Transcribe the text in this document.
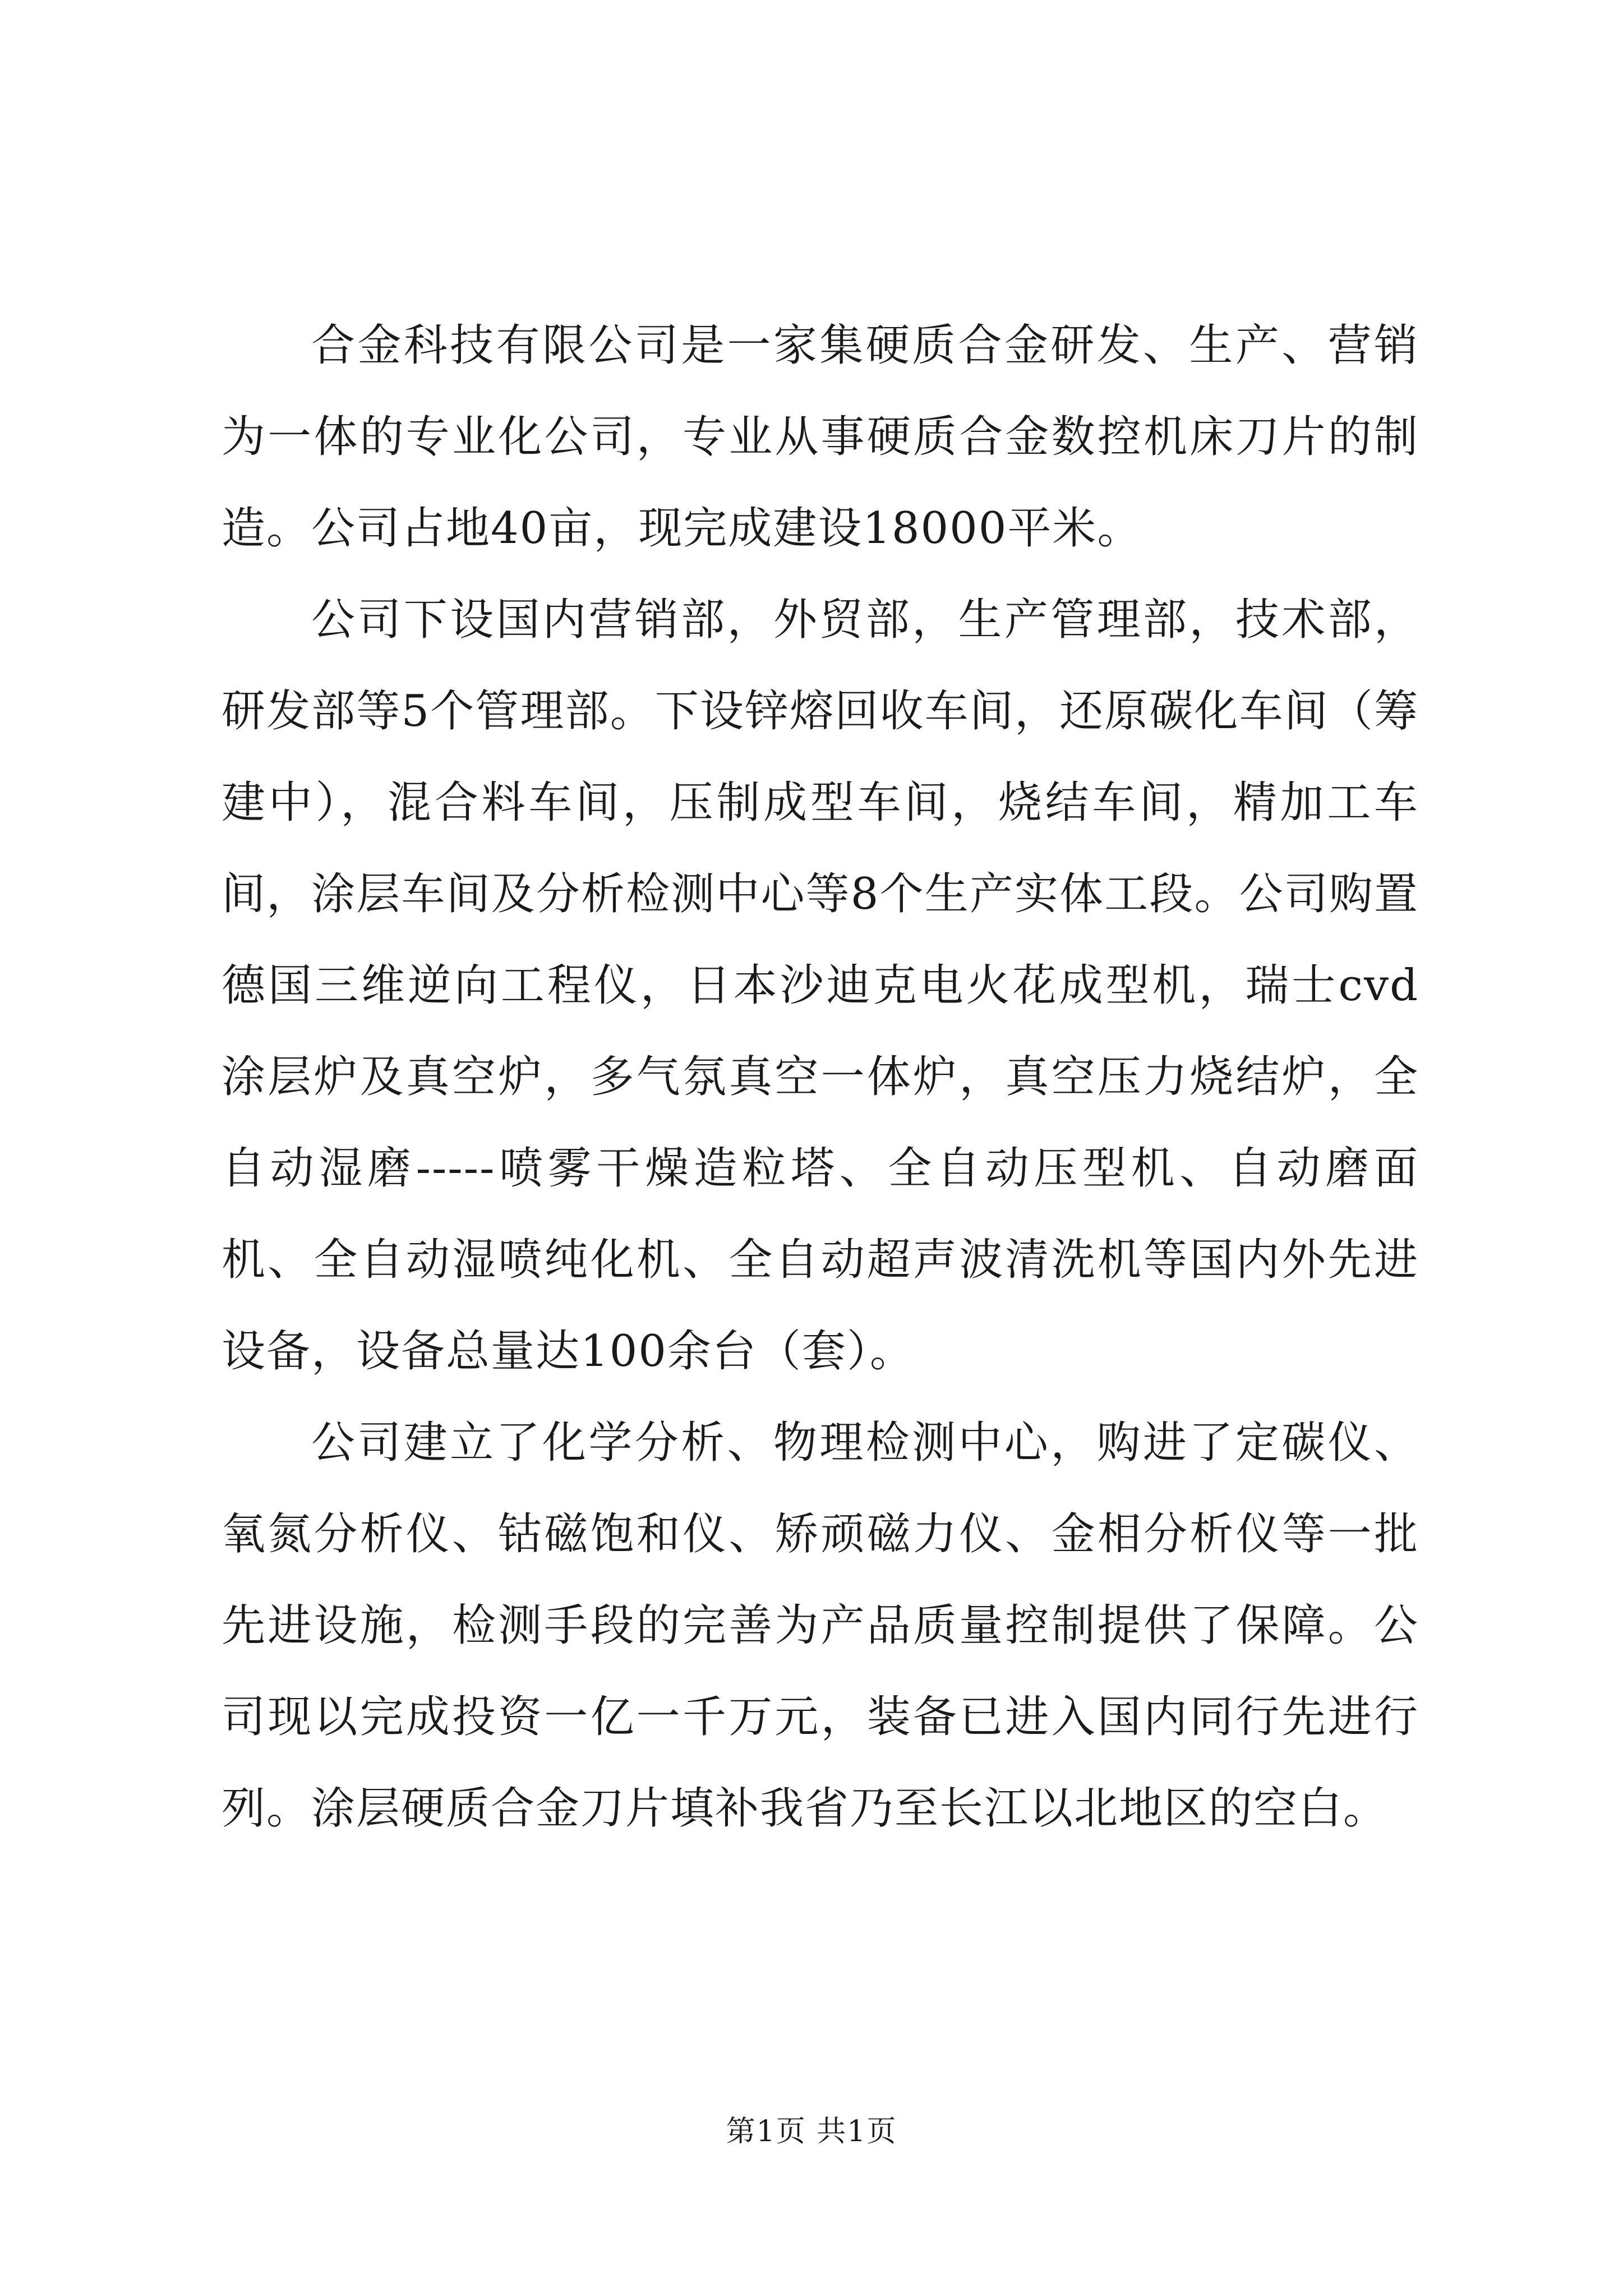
合金科技有限公司是一家集硬质合金研发、生产、营销为一体的专业化公司，专业从事硬质合金数控机床刀片的制造。公司占地40亩，现完成建设18000平米。

公司下设国内营销部，外贸部，生产管理部，技术部，研发部等5个管理部。下设锌熔回收车间，还原碳化车间（筹建中），混合料车间，压制成型车间，烧结车间，精加工车间，涂层车间及分析检测中心等8个生产实体工段。公司购置德国三维逆向工程仪，日本沙迪克电火花成型机，瑞士cvd涂层炉及真空炉，多气氛真空一体炉，真空压力烧结炉，全自动湿磨-----喷雾干燥造粒塔、全自动压型机、自动磨面机、全自动湿喷纯化机、全自动超声波清洗机等国内外先进设备，设备总量达100余台（套）。

公司建立了化学分析、物理检测中心，购进了定碳仪、氧氮分析仪、钴磁饱和仪、矫顽磁力仪、金相分析仪等一批先进设施，检测手段的完善为产品质量控制提供了保障。公司现以完成投资一亿一千万元，装备已进入国内同行先进行列。涂层硬质合金刀片填补我省乃至长江以北地区的空白。

第1页 共1页
